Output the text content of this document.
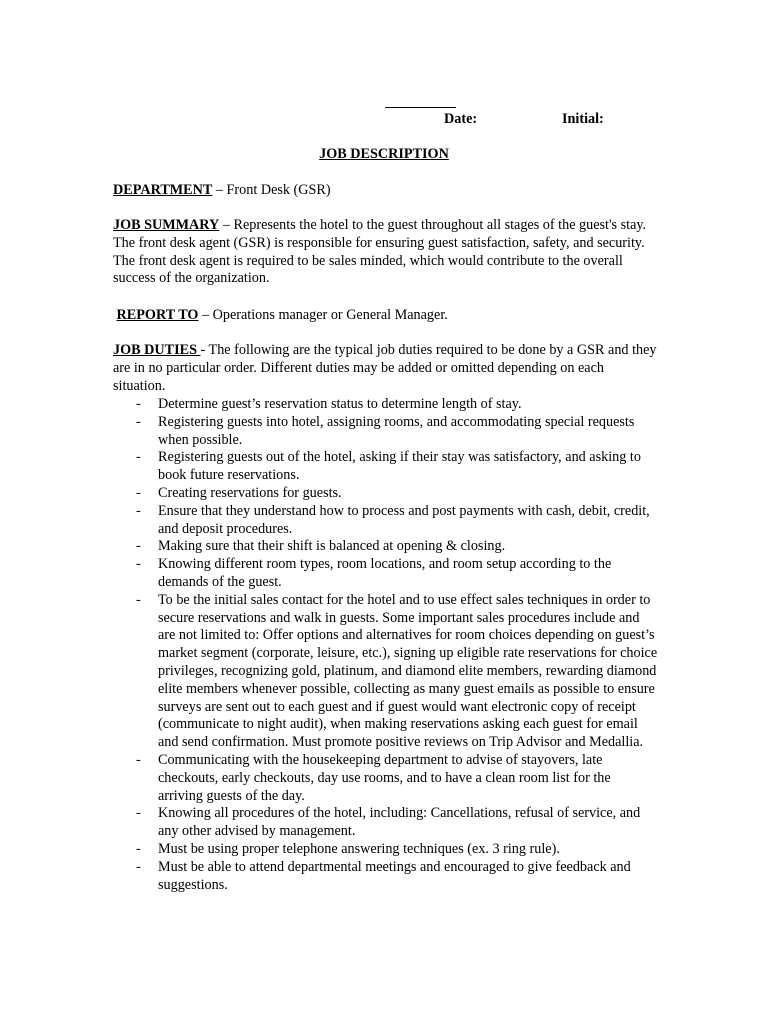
Date:	Initial:
JOB DESCRIPTION
DEPARTMENT – Front Desk (GSR)
JOB SUMMARY – Represents the hotel to the guest throughout all stages of the guest's stay. The front desk agent (GSR) is responsible for ensuring guest satisfaction, safety, and security. The front desk agent is required to be sales minded, which would contribute to the overall success of the organization.
REPORT TO – Operations manager or General Manager.
JOB DUTIES - The following are the typical job duties required to be done by a GSR and they are in no particular order. Different duties may be added or omitted depending on each situation.
- Determine guest’s reservation status to determine length of stay.
- Registering guests into hotel, assigning rooms, and accommodating special requests when possible.
- Registering guests out of the hotel, asking if their stay was satisfactory, and asking to book future reservations.
- Creating reservations for guests.
- Ensure that they understand how to process and post payments with cash, debit, credit, and deposit procedures.
- Making sure that their shift is balanced at opening & closing.
- Knowing different room types, room locations, and room setup according to the demands of the guest.
- To be the initial sales contact for the hotel and to use effect sales techniques in order to secure reservations and walk in guests. Some important sales procedures include and are not limited to: Offer options and alternatives for room choices depending on guest’s market segment (corporate, leisure, etc.), signing up eligible rate reservations for choice privileges, recognizing gold, platinum, and diamond elite members, rewarding diamond elite members whenever possible, collecting as many guest emails as possible to ensure surveys are sent out to each guest and if guest would want electronic copy of receipt (communicate to night audit), when making reservations asking each guest for email and send confirmation. Must promote positive reviews on Trip Advisor and Medallia.
- Communicating with the housekeeping department to advise of stayovers, late checkouts, early checkouts, day use rooms, and to have a clean room list for the arriving guests of the day.
- Knowing all procedures of the hotel, including: Cancellations, refusal of service, and any other advised by management.
- Must be using proper telephone answering techniques (ex. 3 ring rule).
- Must be able to attend departmental meetings and encouraged to give feedback and suggestions.
